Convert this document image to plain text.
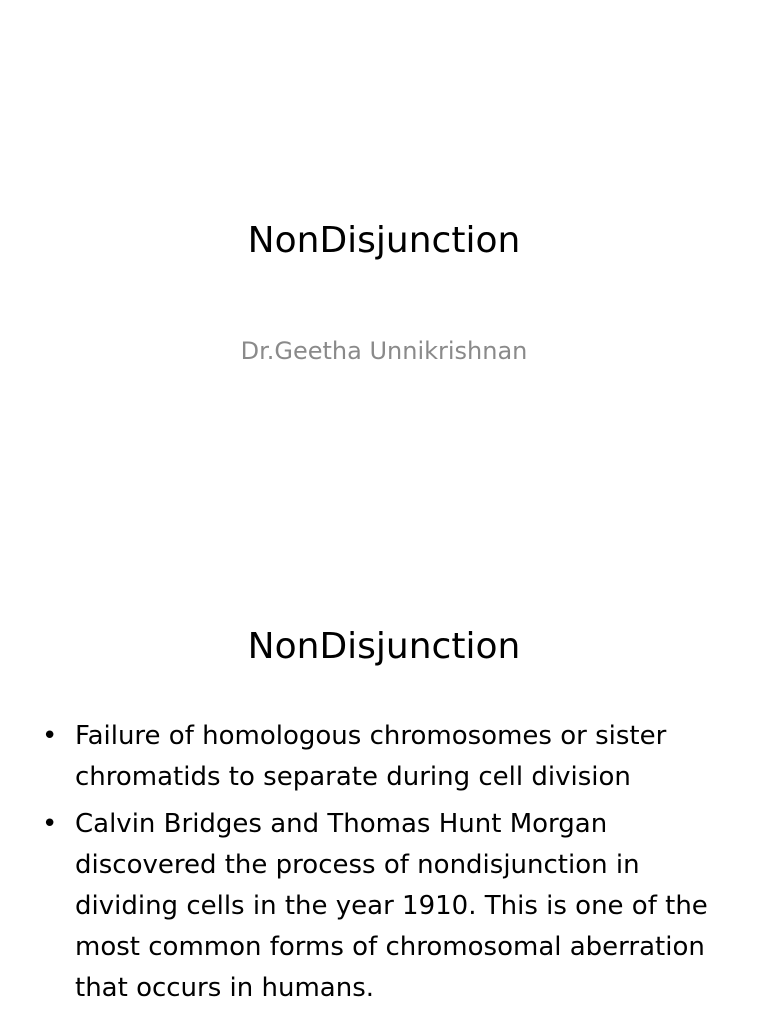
NonDisjunction
Dr.Geetha Unnikrishnan
NonDisjunction
• Failure of homologous chromosomes or sister chromatids to separate during cell division
• Calvin Bridges and Thomas Hunt Morgan discovered the process of nondisjunction in dividing cells in the year 1910. This is one of the most common forms of chromosomal aberration that occurs in humans.
